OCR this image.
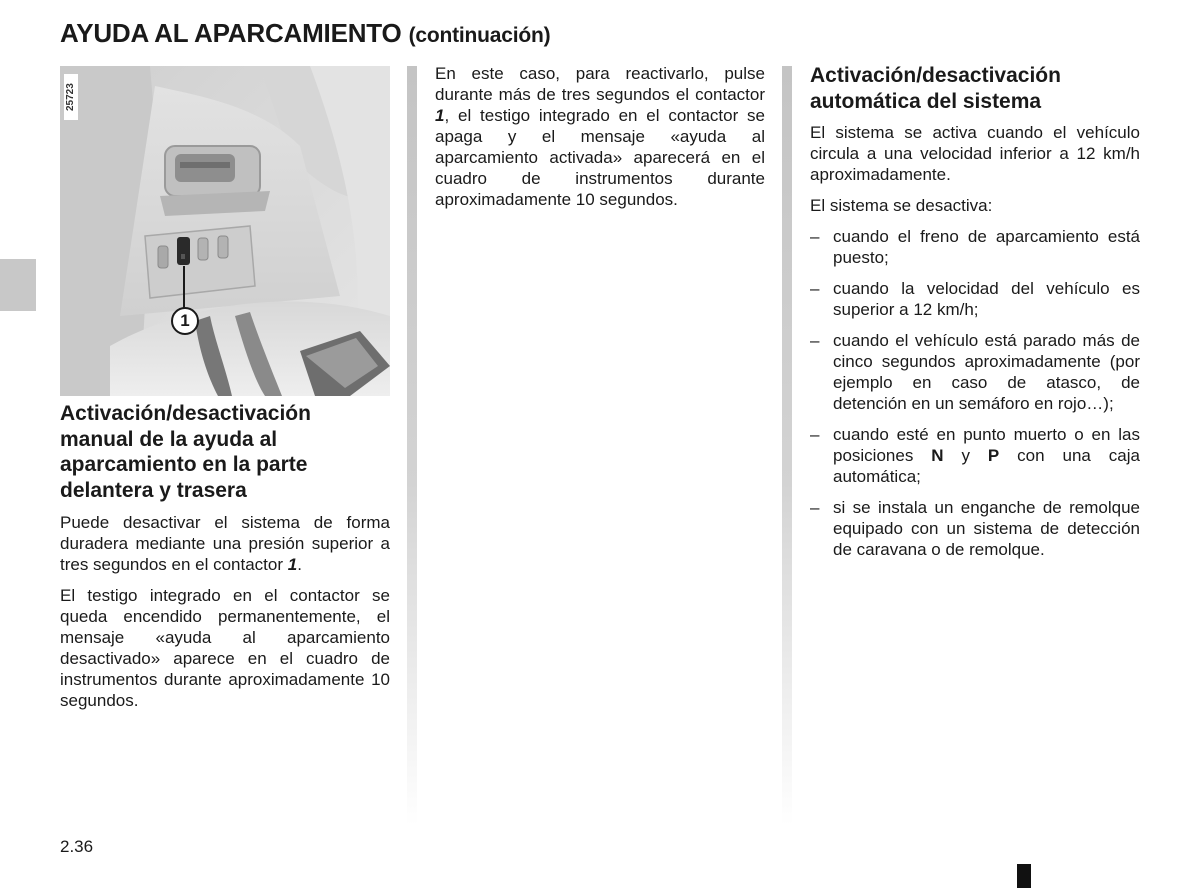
AYUDA AL APARCAMIENTO (continuación)
25723
1
Activación/desactivación manual de la ayuda al aparcamiento en la parte delantera y trasera

Puede desactivar el sistema de forma duradera mediante una presión superior a tres segundos en el contactor 1.

El testigo integrado en el contactor se queda encendido permanentemente, el mensaje «ayuda al aparcamiento desactivado» aparece en el cuadro de instrumentos durante aproximadamente 10 segundos.

En este caso, para reactivarlo, pulse durante más de tres segundos el contactor 1, el testigo integrado en el contactor se apaga y el mensaje «ayuda al aparcamiento activada» aparecerá en el cuadro de instrumentos durante aproximadamente 10 segundos.

Activación/desactivación automática del sistema

El sistema se activa cuando el vehículo circula a una velocidad inferior a 12 km/h aproximadamente.

El sistema se desactiva:

– cuando el freno de aparcamiento está puesto;
– cuando la velocidad del vehículo es superior a 12 km/h;
– cuando el vehículo está parado más de cinco segundos aproximadamente (por ejemplo en caso de atasco, de detención en un semáforo en rojo…);
– cuando esté en punto muerto o en las posiciones N y P con una caja automática;
– si se instala un enganche de remolque equipado con un sistema de detección de caravana o de remolque.

2.36
